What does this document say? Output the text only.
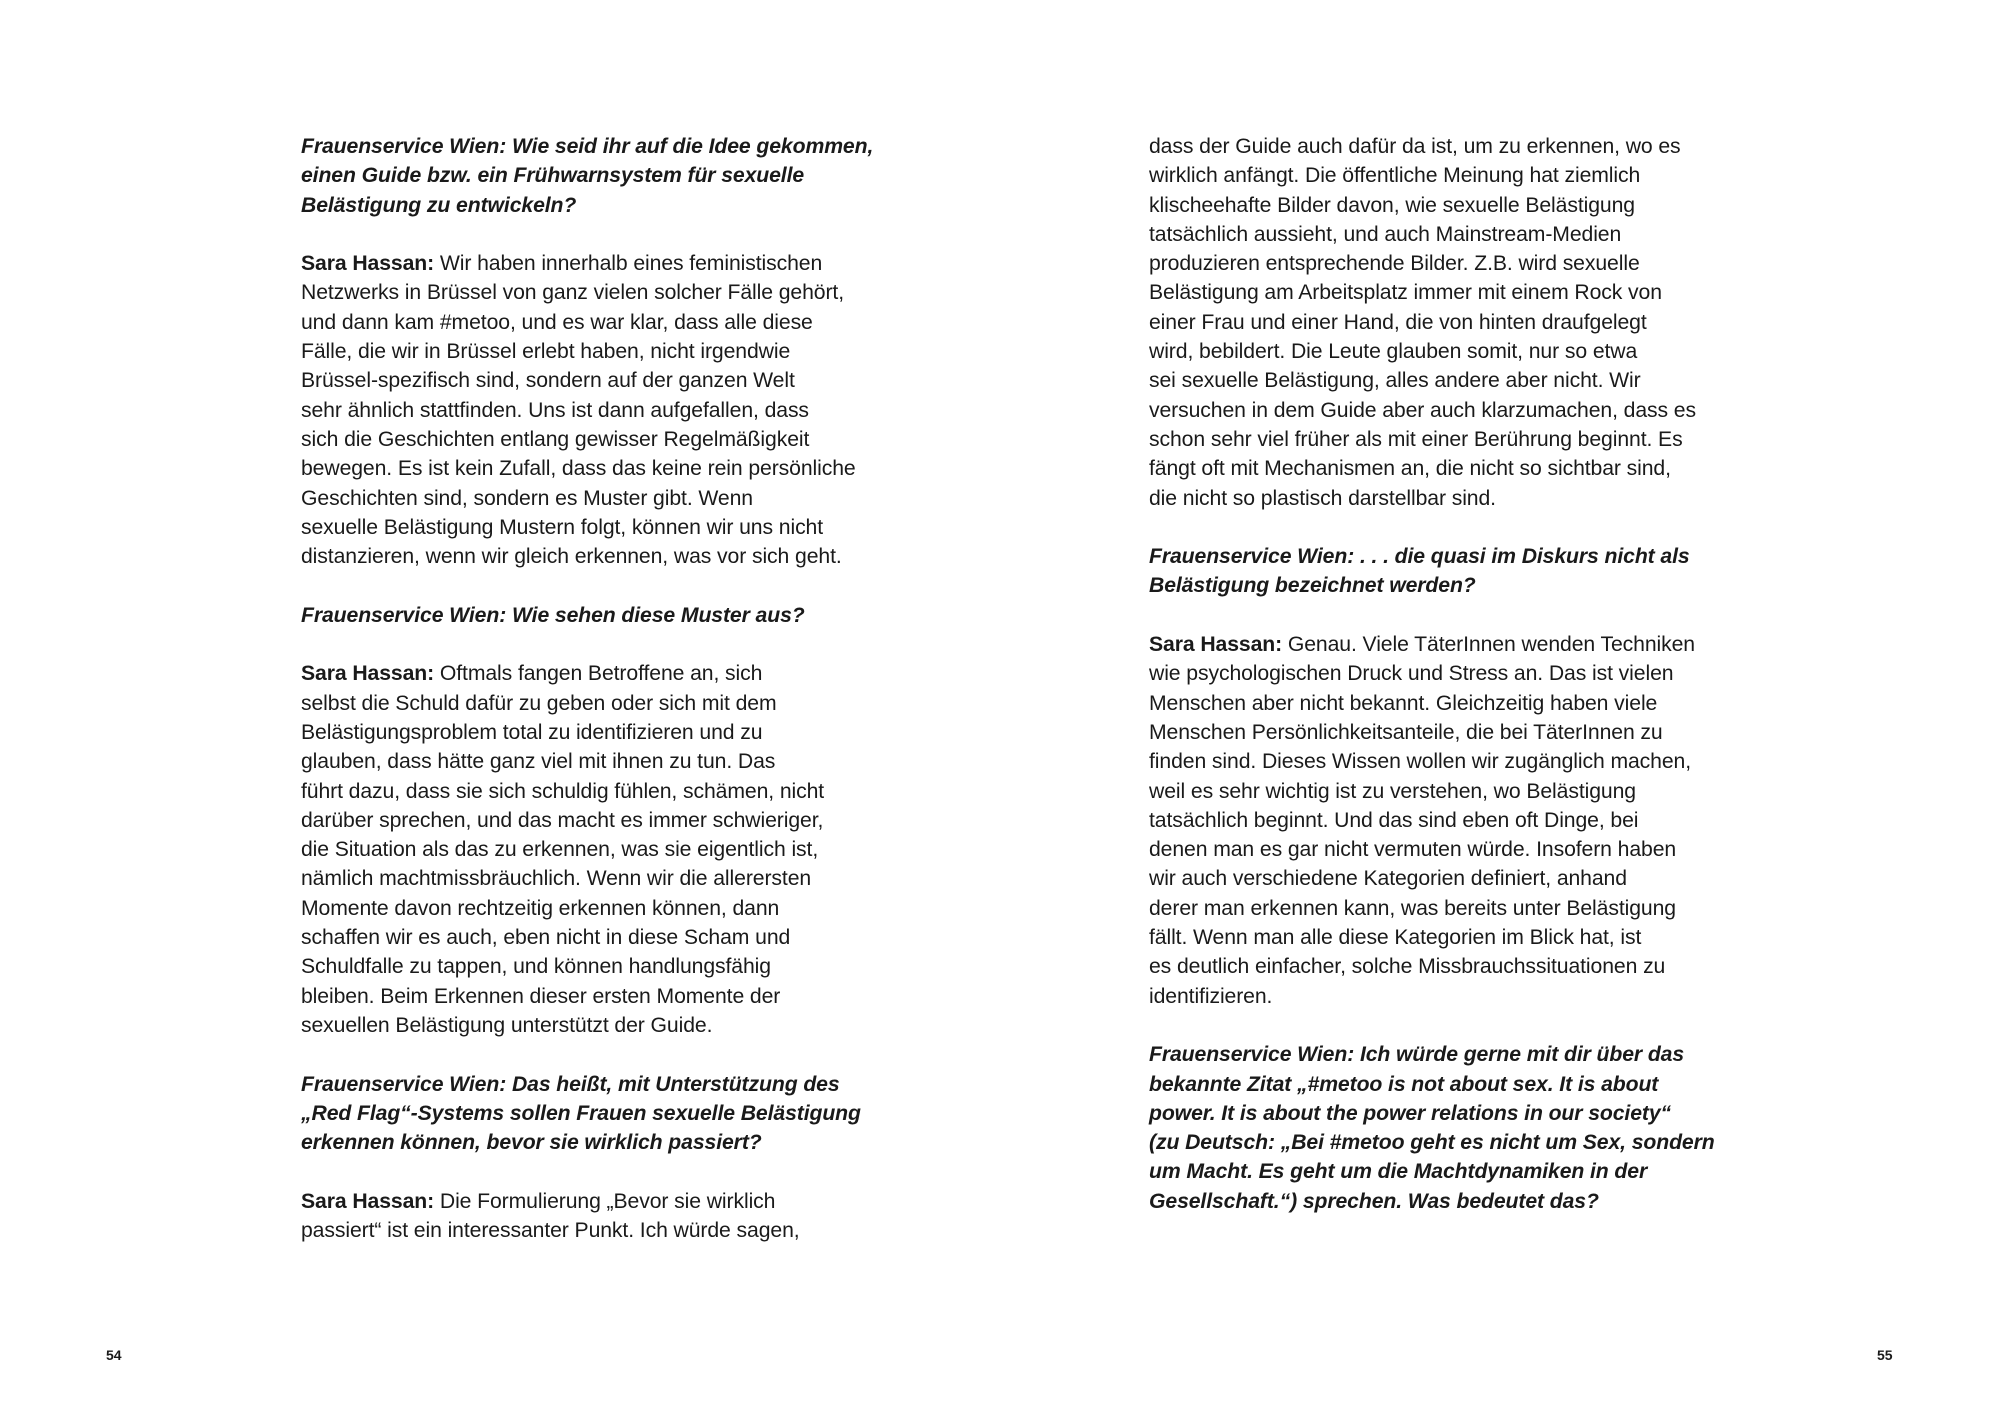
Frauenservice Wien: Wie seid ihr auf die Idee gekommen,
einen Guide bzw. ein Frühwarnsystem für sexuelle
Belästigung zu entwickeln?
Sara Hassan: Wir haben innerhalb eines feministischen
Netzwerks in Brüssel von ganz vielen solcher Fälle gehört,
und dann kam #metoo, und es war klar, dass alle diese
Fälle, die wir in Brüssel erlebt haben, nicht irgendwie
Brüssel-spezifisch sind, sondern auf der ganzen Welt
sehr ähnlich stattfinden. Uns ist dann aufgefallen, dass
sich die Geschichten entlang gewisser Regelmäßigkeit
bewegen. Es ist kein Zufall, dass das keine rein persönliche
Geschichten sind, sondern es Muster gibt. Wenn
sexuelle Belästigung Mustern folgt, können wir uns nicht
distanzieren, wenn wir gleich erkennen, was vor sich geht.
Frauenservice Wien: Wie sehen diese Muster aus?
Sara Hassan: Oftmals fangen Betroffene an, sich
selbst die Schuld dafür zu geben oder sich mit dem
Belästigungsproblem total zu identifizieren und zu
glauben, dass hätte ganz viel mit ihnen zu tun. Das
führt dazu, dass sie sich schuldig fühlen, schämen, nicht
darüber sprechen, und das macht es immer schwieriger,
die Situation als das zu erkennen, was sie eigentlich ist,
nämlich machtmissbräuchlich. Wenn wir die allerersten
Momente davon rechtzeitig erkennen können, dann
schaffen wir es auch, eben nicht in diese Scham und
Schuldfalle zu tappen, und können handlungsfähig
bleiben. Beim Erkennen dieser ersten Momente der
sexuellen Belästigung unterstützt der Guide.
Frauenservice Wien: Das heißt, mit Unterstützung des
„Red Flag“-Systems sollen Frauen sexuelle Belästigung
erkennen können, bevor sie wirklich passiert?
Sara Hassan: Die Formulierung „Bevor sie wirklich
passiert“ ist ein interessanter Punkt. Ich würde sagen,
dass der Guide auch dafür da ist, um zu erkennen, wo es
wirklich anfängt. Die öffentliche Meinung hat ziemlich
klischeehafte Bilder davon, wie sexuelle Belästigung
tatsächlich aussieht, und auch Mainstream-Medien
produzieren entsprechende Bilder. Z.B. wird sexuelle
Belästigung am Arbeitsplatz immer mit einem Rock von
einer Frau und einer Hand, die von hinten draufgelegt
wird, bebildert. Die Leute glauben somit, nur so etwa
sei sexuelle Belästigung, alles andere aber nicht. Wir
versuchen in dem Guide aber auch klarzumachen, dass es
schon sehr viel früher als mit einer Berührung beginnt. Es
fängt oft mit Mechanismen an, die nicht so sichtbar sind,
die nicht so plastisch darstellbar sind.
Frauenservice Wien: . . . die quasi im Diskurs nicht als
Belästigung bezeichnet werden?
Sara Hassan: Genau. Viele TäterInnen wenden Techniken
wie psychologischen Druck und Stress an. Das ist vielen
Menschen aber nicht bekannt. Gleichzeitig haben viele
Menschen Persönlichkeitsanteile, die bei TäterInnen zu
finden sind. Dieses Wissen wollen wir zugänglich machen,
weil es sehr wichtig ist zu verstehen, wo Belästigung
tatsächlich beginnt. Und das sind eben oft Dinge, bei
denen man es gar nicht vermuten würde. Insofern haben
wir auch verschiedene Kategorien definiert, anhand
derer man erkennen kann, was bereits unter Belästigung
fällt. Wenn man alle diese Kategorien im Blick hat, ist
es deutlich einfacher, solche Missbrauchssituationen zu
identifizieren.
Frauenservice Wien: Ich würde gerne mit dir über das
bekannte Zitat „#metoo is not about sex. It is about
power. It is about the power relations in our society“
(zu Deutsch: „Bei #metoo geht es nicht um Sex, sondern
um Macht. Es geht um die Machtdynamiken in der
Gesellschaft.“) sprechen. Was bedeutet das?
54	55
